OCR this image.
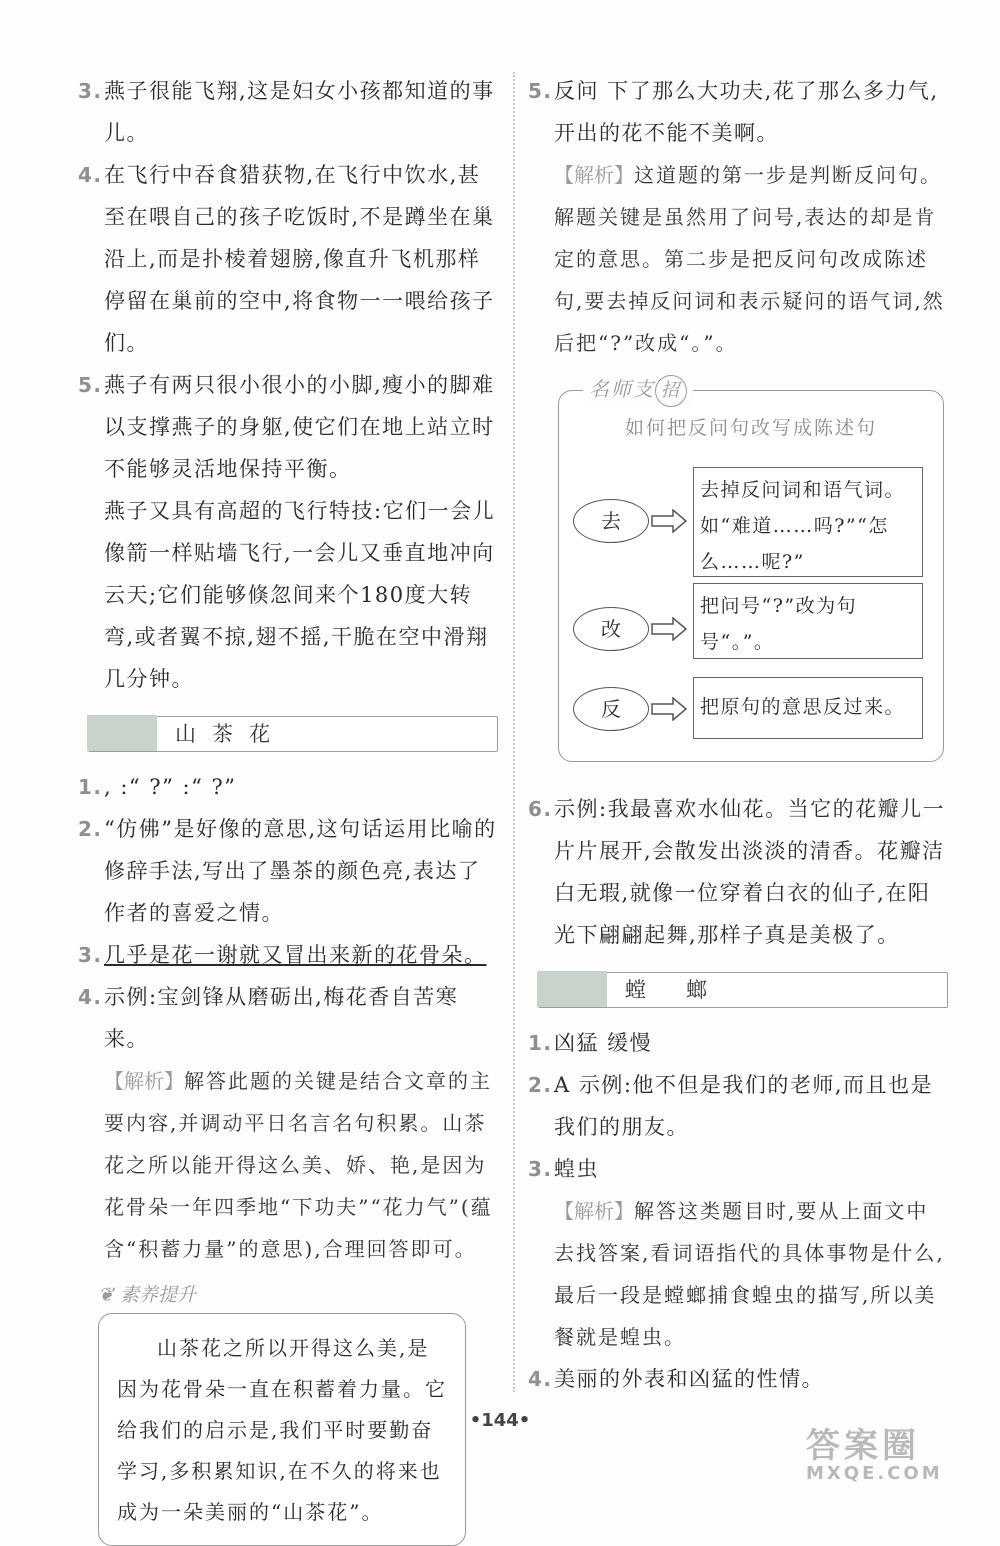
3. 燕子很能飞翔,这是妇女小孩都知道的事儿。
4. 在飞行中吞食猎获物,在飞行中饮水,甚至在喂自己的孩子吃饭时,不是蹲坐在巢沿上,而是扑棱着翅膀,像直升飞机那样停留在巢前的空中,将食物一一喂给孩子们。
5. 燕子有两只很小很小的小脚,瘦小的脚难以支撑燕子的身躯,使它们在地上站立时不能够灵活地保持平衡。
燕子又具有高超的飞行特技:它们一会儿像箭一样贴墙飞行,一会儿又垂直地冲向云天;它们能够倏忽间来个180度大转弯,或者翼不掠,翅不摇,干脆在空中滑翔几分钟。
山茶花
1. , :“ ?” :“ ?”
2. “仿佛”是好像的意思,这句话运用比喻的修辞手法,写出了墨茶的颜色亮,表达了作者的喜爱之情。
3. 几乎是花一谢就又冒出来新的花骨朵。
4. 示例:宝剑锋从磨砺出,梅花香自苦寒来。
【解析】解答此题的关键是结合文章的主要内容,并调动平日名言名句积累。山茶花之所以能开得这么美、娇、艳,是因为花骨朵一年四季地“下功夫”“花力气”(蕴含“积蓄力量”的意思),合理回答即可。
❦ 素养提升
山茶花之所以开得这么美,是因为花骨朵一直在积蓄着力量。它给我们的启示是,我们平时要勤奋学习,多积累知识,在不久的将来也成为一朵美丽的“山茶花”。
5. 反问 下了那么大功夫,花了那么多力气,开出的花不能不美啊。
【解析】这道题的第一步是判断反问句。解题关键是虽然用了问号,表达的却是肯定的意思。第二步是把反问句改成陈述句,要去掉反问词和表示疑问的语气词,然后把“?”改成“。”。
名师支 招
如何把反问句改写成陈述句
去
去掉反问词和语气词。如“难道……吗?”“怎么……呢?”
改
把问号“?”改为句号“。”。
反	把原句的意思反过来。
6. 示例:我最喜欢水仙花。当它的花瓣儿一片片展开,会散发出淡淡的清香。花瓣洁白无瑕,就像一位穿着白衣的仙子,在阳光下翩翩起舞,那样子真是美极了。
螳螂
1. 凶猛 缓慢
2. A 示例:他不但是我们的老师,而且也是我们的朋友。
3. 蝗虫
【解析】解答这类题目时,要从上面文中去找答案,看词语指代的具体事物是什么,最后一段是螳螂捕食蝗虫的描写,所以美餐就是蝗虫。
4. 美丽的外表和凶猛的性情。
•144•
答案圈
MXQE.COM
